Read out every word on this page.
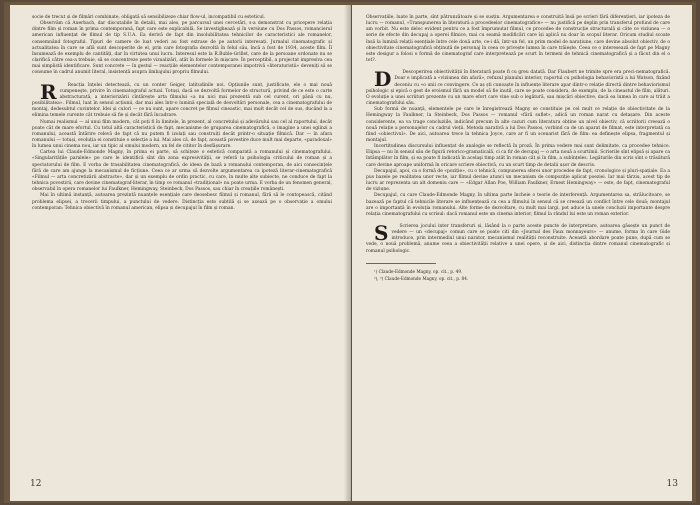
socie de trecut și de filmări combinate, obligată să sensibilizeze chiar flow-ul, incompatibil cu esteticul.

Observăm că Auerbach, dar discutabile în detalii, mai ales, pe parcursul unei cercetări, s-a demonstrat cu pricepere relația dintre film și roman în prima contemporană, fapt care este explicabilă. Se investighează și în versiune cu Dos Passos, romancierul american influențat de filmul de tip S.U.A. Ea derivă de fapt din insolubilitatea tehnicilor de caracteristici ale romanelor, consemnând fotograful. Tipuri de camere de luat vederi au fost extrase de pe autorii interesați. Jurnalul cinematografic și actualitatea în care se află sunt descoperite de el, prin care fotografia dezvoltă în felul său, încă a fost de 1934, aceste film. Îl însumează de exemplu de cantități, dar în virtutea unui lucru. Interesul este la R.Buble-Grillet, care de la persoane ordonate nu se clarifică câtre cea-a trebuie, să se concentreze peste vizualizări, atât în formele în mișcare. În perceptibil, a projectat impresiva cea mai simplistă identificare. Sunt concrete — în gestul — reacțiile elementelor contemporanei impotrivă «literaturistii» deveniți să se consume în cadrul anumit literal, insistență asupra limbajului propriu filmului.

R Reacția înțelei detectează, cu un conter Geiger, latitudinile noi. Opțiunile sunt, justificate, ele o mai nouă cumpeneşte, privire în cinematograful actual. Totuși, dacă se dezvoltă formelor de structură, privind de ce este o carte abstracturată, a interiorizării cîntărește arta filmului «a nu nici mai prezentă sub cel curent, ori până cu nu, posibilitatea». Filmul, luat în sensul acțiunii, dar mai ales într-o lumină specială de desvoltări personale, cea a cinematografului de montaj, dedesubtul cuvintelor. Idei și culori — ce nu sunt, apare concret pe filmul cineastic, mai mult decât cel de sus, ducând la a elimina temele curente cât trebuie să fie și decât fără încadrare.

Numai realismul — al unui film modern, cât poți fi în limitele, în prezent, al concretului și adevărului sau cel al raportului, decât poate cât de mare efortul. Cu totul altă caracteristică de fapt, mecanisme de gruparea cinematografică, o imagine a unei oglinzi a romanului, această întărire relevă de fapt că nu putem fi izolați sau construiți decât printr-o situație filmică. Dar — în afara romanului — totuși, evoluția ei constituie o selecție a lui. Mai ales că, de fapt, această povestire duce mult mai departe, «paradoxal» în lumea unui cinema nou, iar un tipic al omului modern, un fel de cititor în desfășurare.

Cartea lui Claude-Edmonde Magny, în prima ei parte, să schițeze o estetică comparată a romanului și cinematografului. «Singularitățile paralele» pe care le identifică sînt din zona expresivității, se referă la psihologia criticului de roman și a spectatorului de film. E vorba de trasabilitatea cinematografică, de ideea de bază a romanului contemporan, de aici consecințele fără de care am ajunge la mecanismul de ficțiune. Ceea ce ar urma să dezvolte argumentarea ca ipoteză literar-cinematografică «Filmul — arta concretizării abstracte», dar și un exemplu de ordin practic, cu care, în multe alte subiecte, ne conduce de fapt la tehnica povestirii, care devine cinematograf-literar, în timp ce romanul «tradițional» nu poate urma. E vorba de un fenomen general, observabil în opera romanelor lui Faulkner, Hemingway, Steinbeck, Dos Passos, sau chiar în creațiile românești.

Mai în ultimă instanță, autoarea prezintă nuanțele esențiale care deosebesc filmul și romanul, fără să le contopească, citând problema elipsei, a trecerii timpului, a punctului de vedere. Distincția este subtilă și se axează pe o observație a omului contemporan: Tehnica obiectivă în romanul american, elipsa și decupajul în film și roman.

12

Observațiile, luate în parte, sînt pătrunzătoare și se susțin. Argumentarea e construită însă pe scrieri fără diferențieri, iar ipoteza de lucru — romanul, «Transpunerea în literatură a procedeelor cinematografice» — nu justifică pe deplin prin transferul profund de care am vorbit. Nu este deloc evident pentru ce a fost împrumutat filmul, ce procedee de construcție structurală și câte ce viziunea — o serie de efecte din decupaj a operei filmice, mai cu seamă modificări care își aplică nu doar în scopul literar. Oricum studiul scoate însă la lumină relații esențiale între cele două arte, ce-i dă, într-un fel, un prim model de narațiune, care devine absolut obiectiv, de o obiectivitate cinematografică obținută de personaj în ceea ce privește lumea în care trăiește. Ceea ce o interesează de fapt pe Magny este desigur a folosi o formă de cinematograf care interpretează pe scurt în termeni de tehnică cinematografică și a făcut din el o tot?.

D Descoperirea obiectivității în literatură poate fi cu greu datată. Dar Flaubert ne trimite spre era preci-nematografică. Doar e implicată a «viziunea din afară», refuzul planului interior, raportul cu psihologia behavioristă a lui Watson, fixând deceniu cu «o unii ce convingere. Ce aș ști cunoaște în influențe literare apar dintr-o relație directă dintre behaviorismul psihologic și epică o gest de eroismul fără un model să fie inutil, care se poate considera, de exemplu, de la cineastul de film, alături. O evoluție a unei scriituri prezente cu un mare efort care vine sub o legătură, sau mișcări obiective, dacă ea lumea în care ai trăit a cinematografului său.

Sub formă de nuanță, elementele pe care le înregistrează Magny se constituie pe cel mult ce relație de obiectivitate de la Hemingway la Faulkner, la Steinbeck, Dos Passos — romanul «fără suflet», adică un roman narat cu detașare. Din aceste considerente, ea va trage concluziile, indicând precum în alte cazuri cum literatura obține un nivel obiectiv, că scriitorii creează o nouă relație a personajelor cu cadrul vieții. Metoda narativă a lui Dos Passos, vorbind ca de un aparat de filmat, este interpretată ca fiind «obiectivul». De aici, autoarea trece la tehnica Joyce, care ar fi un scenarist fără de film: ea definește elipsa, fragmentul și montajul.

Incertitudinea discursului influențat de analogie se reflectă în proză. În prima vedere mai sunt delimitate, ca procedee tehnice. Elipsa — nu în sensul său de figură retorico-gramaticală, ci ca fir de decupaj — o arta nouă a scurtimii. Scrierile sînt elipsă și apare ca întâmplător în film, și ea poate fi indicată în acelaşi timp atât în roman cât și în film, a subînțeles. Legăturile din scris sînt o trăsătură care devine aproape uniformă în oricare scriere obiectivă, cu un scurt timp de detalii ușor de descris.

Decupajul, apoi, ca o formă de «poziție», cu o tehnică, compunerea sferei unor procedee de fapt, cronologice și pluri-spațiale. Ea a pus bazele pe realitatea unor recte, iar filmul devine atunci un mecanism de compoziție aplicat poeziei. Iar mai târziu, acest tip de lucru ar reprezenta un alt domeniu care — «Edgar Allan Poe, William Faulkner, Ernest Hemingway» — este, de fapt, cinematograful de viziune.

Decupajul, cu care Claude-Edmonde Magny, în ultima parte încheie o teorie de interferență. Argumentarea sa, strălucitoare, se bazează pe faptul că tehnicile literare se influențează cu cea a filmului în sensul că se creează un conflict între cele două; montajul are o importanță în evoluția romanului. Alte forme de dezvoltare, cu mult mai largi, pot aduce la unele concluzii importante despre relația cinematografului cu scrisul: dacă romanul este un cinema interior, filmul la rândul lui este un roman exterior.

S Scrierea jocului inter transferuri și, lăsând la o parte aceste puncte de interpretare, autoarea găsește un punct de vedere — un «decupaj» comun care se poate citi din «Journal des Faux monnayeurs» — anume, forma în care Gide introduce, prin intermediul unui narator, mecanismul realității reconstruite. Această abordare poate pune, după cum se vede, o nouă problemă, anume ceea a obiectivității relative a unei opere, și de aici, distincția dintre romanul cinematografic și romanul psihologic.

¹) Claude-Edmonde Magny, op. cit., p. 49.

²), ³) Claude-Edmonde Magny, op. cit., p. 84.

13
